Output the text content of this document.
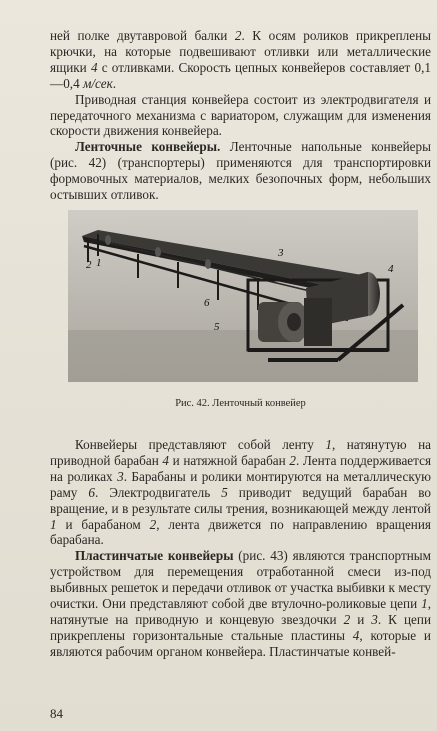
ней полке двутавровой балки 2. К осям роликов прикреплены крючки, на которые подвешивают отливки или металлические ящики 4 с отливками. Скорость цепных конвейеров составляет 0,1—0,4 м/сек.

Приводная станция конвейера состоит из электродвигателя и передаточного механизма с вариатором, служащим для изменения скорости движения конвейера.

Ленточные конвейеры. Ленточные напольные конвейеры (рис. 42) (транспортеры) применяются для транспортировки формовочных материалов, мелких безопочных форм, небольших остывших отливок.

2 1
3
4
6
5
Рис. 42. Ленточный конвейер

Конвейеры представляют собой ленту 1, натянутую на приводной барабан 4 и натяжной барабан 2. Лента поддерживается на роликах 3. Барабаны и ролики монтируются на металлическую раму 6. Электродвигатель 5 приводит ведущий барабан во вращение, и в результате силы трения, возникающей между лентой 1 и барабаном 2, лента движется по направлению вращения барабана.

Пластинчатые конвейеры (рис. 43) являются транспортным устройством для перемещения отработанной смеси из-под выбивных решеток и передачи отливок от участка выбивки к месту очистки. Они представляют собой две втулочно-роликовые цепи 1, натянутые на приводную и концевую звездочки 2 и 3. К цепи прикреплены горизонтальные стальные пластины 4, которые и являются рабочим органом конвейера. Пластинчатые конвей-

84
